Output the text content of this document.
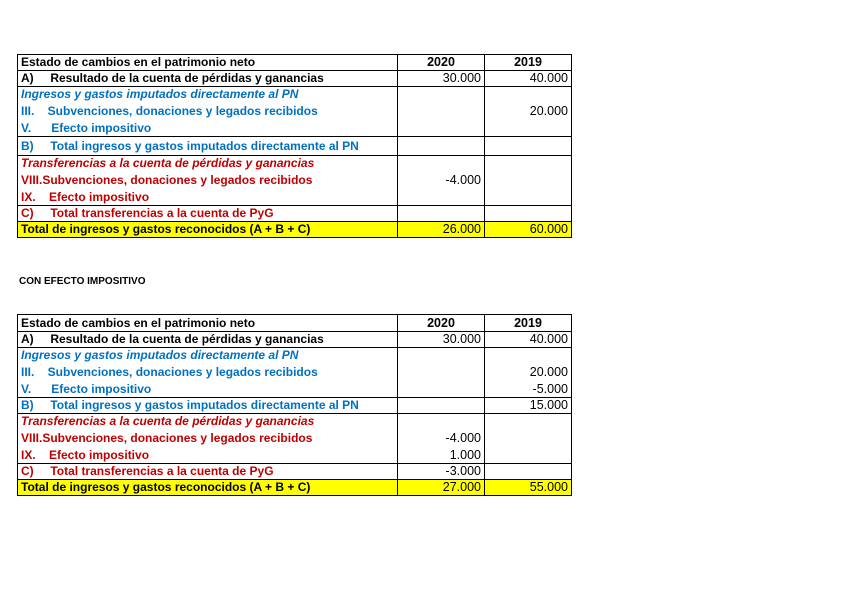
Estado de cambios en el patrimonio neto	2020	2019
A)     Resultado de la cuenta de pérdidas y ganancias	30.000	40.000
Ingresos y gastos imputados directamente al PN		
III.    Subvenciones, donaciones y legados recibidos		20.000
V.      Efecto impositivo		
B)     Total ingresos y gastos imputados directamente al PN		
Transferencias a la cuenta de pérdidas y ganancias		
VIII.Subvenciones, donaciones y legados recibidos	-4.000	
IX.    Efecto impositivo		
C)     Total transferencias a la cuenta de PyG		
Total de ingresos y gastos reconocidos (A + B + C)	26.000	60.000
CON EFECTO IMPOSITIVO
Estado de cambios en el patrimonio neto	2020	2019
A)     Resultado de la cuenta de pérdidas y ganancias	30.000	40.000
Ingresos y gastos imputados directamente al PN		
III.    Subvenciones, donaciones y legados recibidos		20.000
V.      Efecto impositivo		-5.000
B)     Total ingresos y gastos imputados directamente al PN		15.000
Transferencias a la cuenta de pérdidas y ganancias		
VIII.Subvenciones, donaciones y legados recibidos	-4.000	
IX.    Efecto impositivo	1.000	
C)     Total transferencias a la cuenta de PyG	-3.000	
Total de ingresos y gastos reconocidos (A + B + C)	27.000	55.000
